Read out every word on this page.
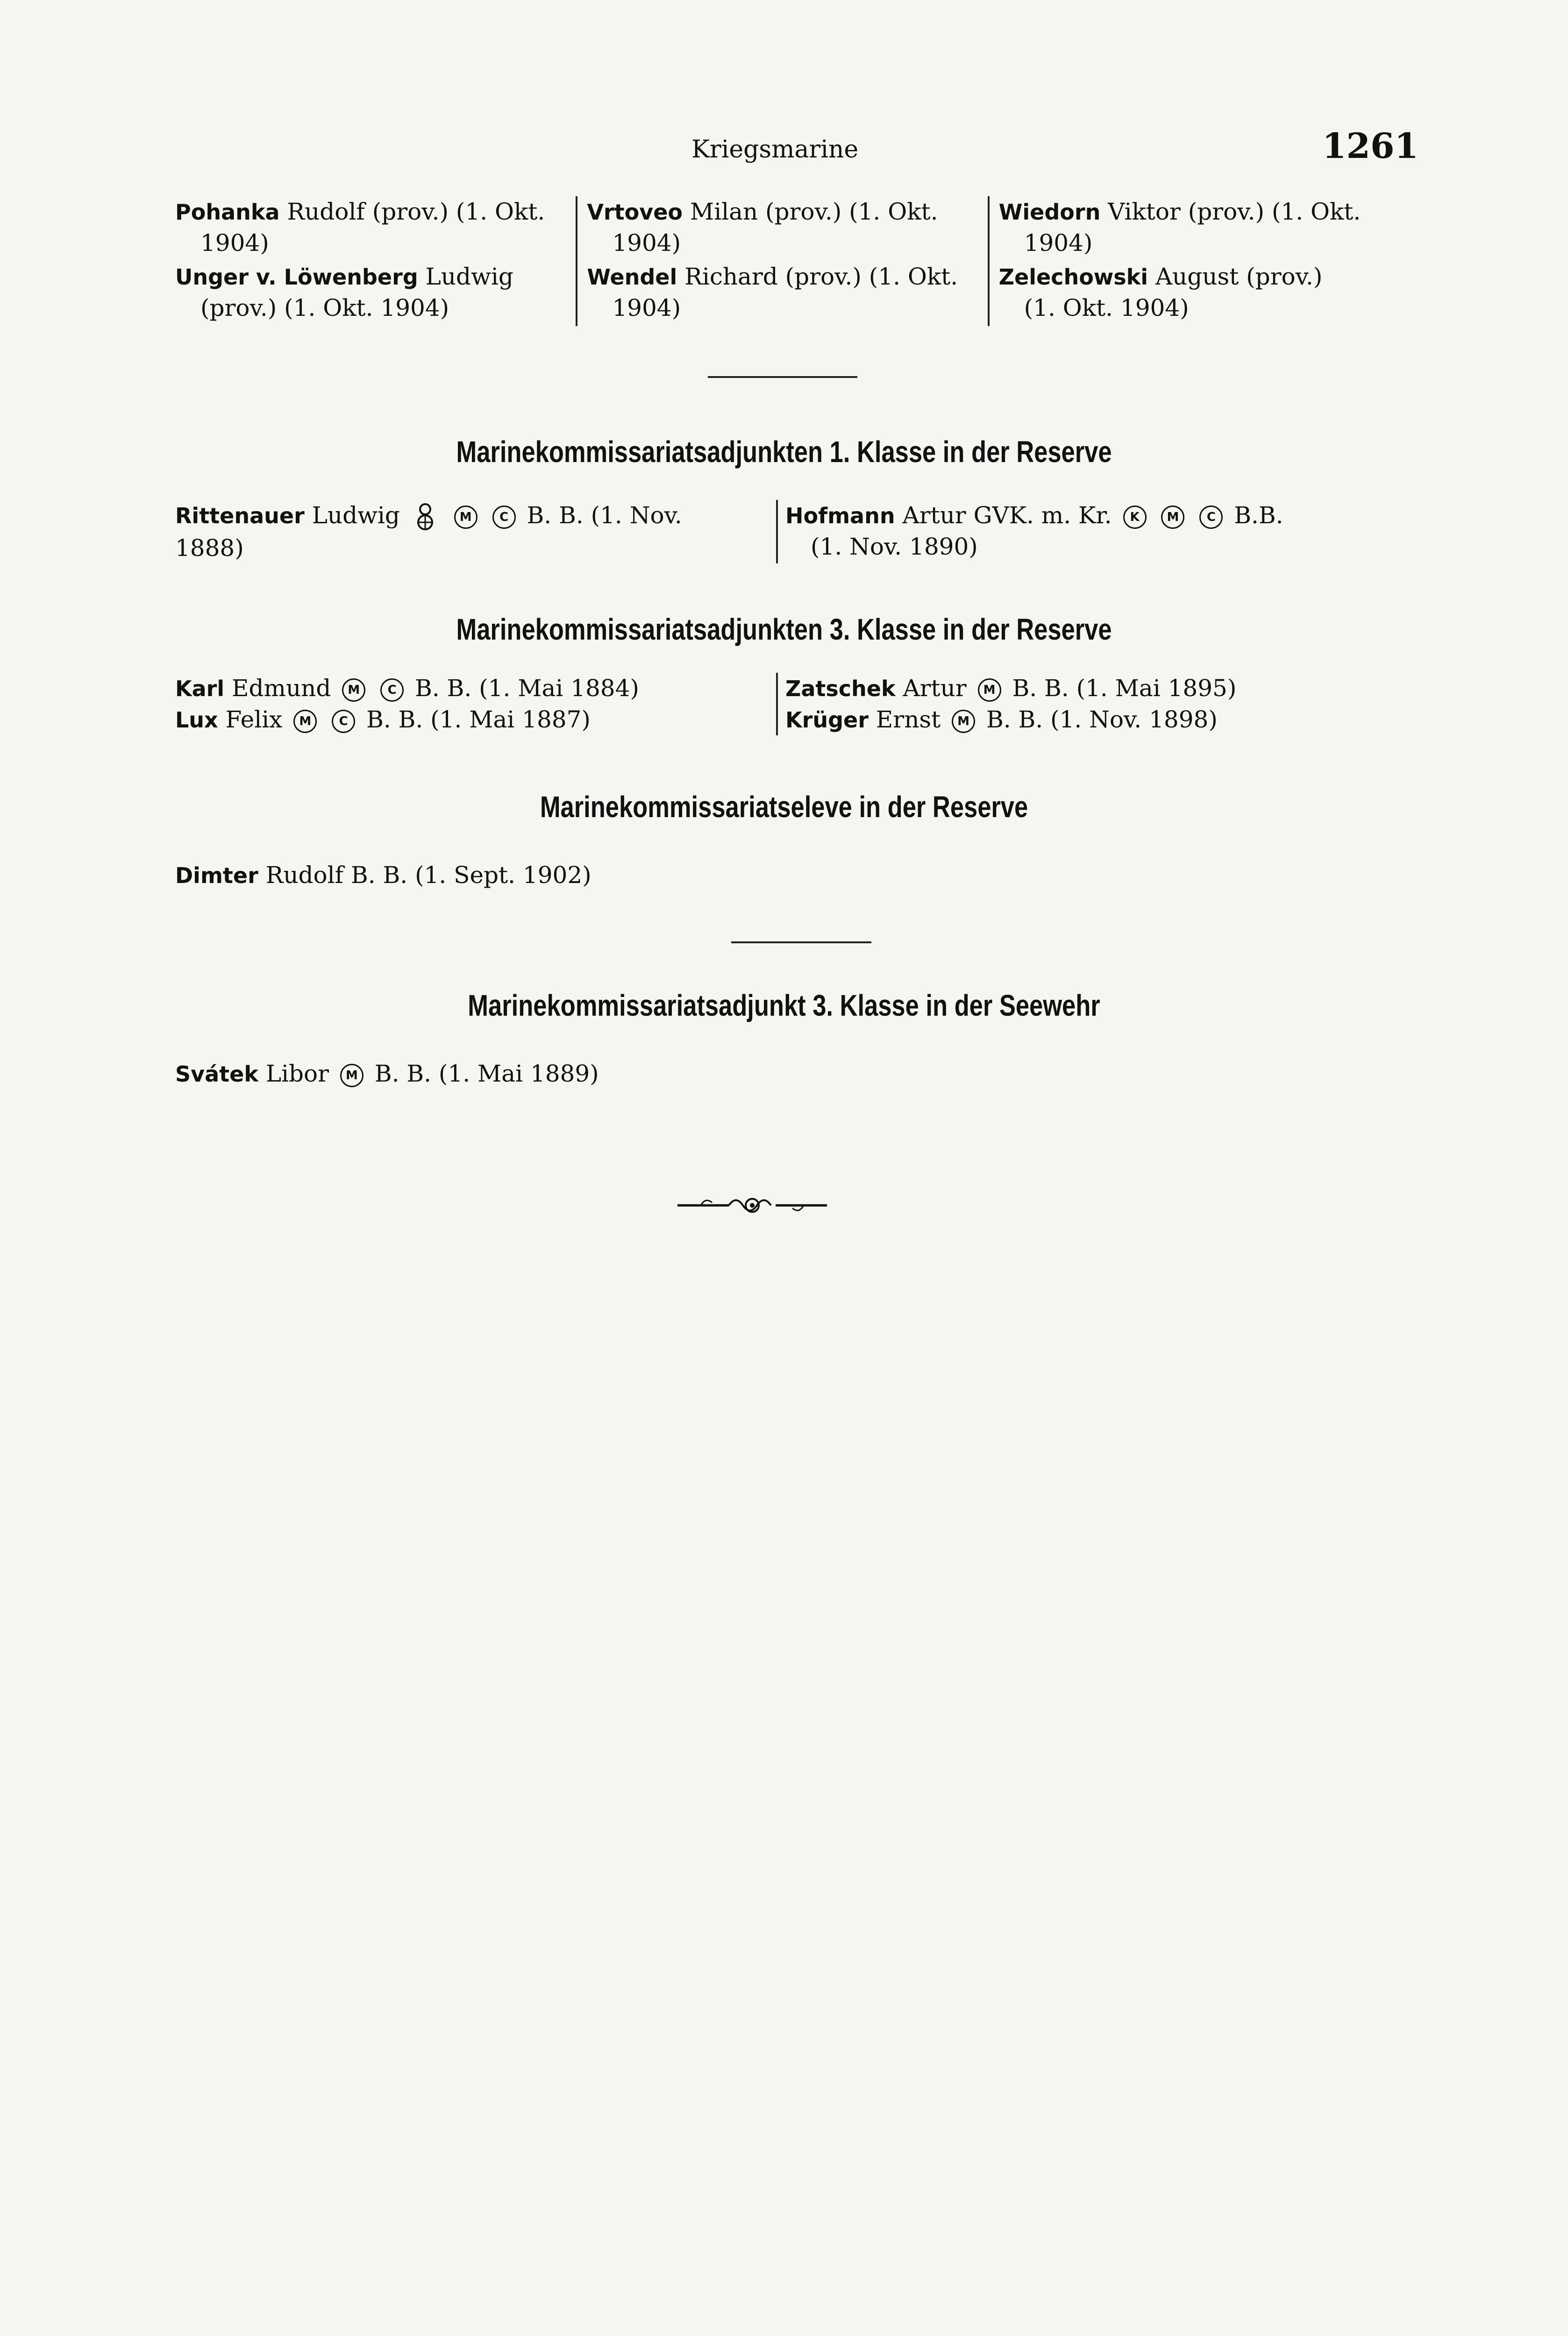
Kriegsmarine	1261
Pohanka Rudolf (prov.) (1. Okt.
1904)
Unger v. Löwenberg Ludwig
(prov.) (1. Okt. 1904)
Vrtoveo Milan (prov.) (1. Okt.
1904)
Wendel Richard (prov.) (1. Okt.
1904)
Wiedorn Viktor (prov.) (1. Okt.
1904)
Zelechowski August (prov.)
(1. Okt. 1904)
Marinekommissariatsadjunkten 1. Klasse in der Reserve
Rittenauer Ludwig	M C B. B. (1. Nov.
1888)
Hofmann Artur GVK. m. Kr. K M C B.B.
(1. Nov. 1890)
Marinekommissariatsadjunkten 3. Klasse in der Reserve
Karl Edmund M C B. B. (1. Mai 1884)
Lux Felix M C B. B. (1. Mai 1887)
Zatschek Artur M B. B. (1. Mai 1895)
Krüger Ernst M B. B. (1. Nov. 1898)
Marinekommissariatseleve in der Reserve
Dimter Rudolf B. B. (1. Sept. 1902)
Marinekommissariatsadjunkt 3. Klasse in der Seewehr
Svátek Libor M B. B. (1. Mai 1889)
